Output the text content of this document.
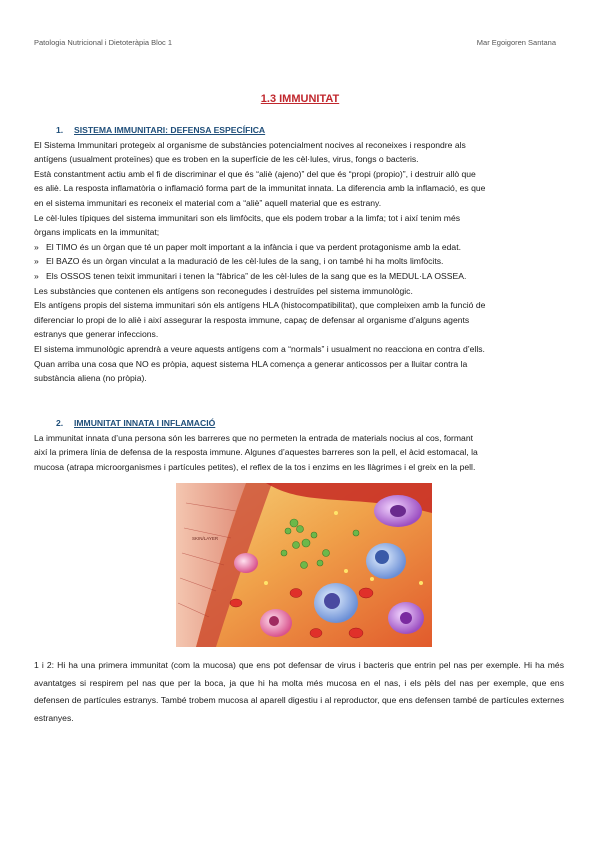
Patologia Nutricional i Dietoteràpia Bloc 1	Mar Egoigoren Santana
1.3 IMMUNITAT
1. SISTEMA IMMUNITARI: DEFENSA ESPECÍFICA

El Sistema Immunitari protegeix al organisme de substàncies potencialment nocives al reconeixes i respondre als

antígens (usualment proteïnes) que es troben en la superfície de les cèl·lules, virus, fongs o bacteris.

Està constantment actiu amb el fi de discriminar el que és “aliè (ajeno)” del que és “propi (propio)”, i destruir allò que

es aliè. La resposta inflamatòria o inflamació forma part de la immunitat innata. La diferencia amb la inflamació, es que

en el sistema immunitari es reconeix el material com a “aliè” aquell material que es estrany.

Le cèl·lules típiques del sistema immunitari son els limfòcits, que els podem trobar a la limfa; tot i així tenim més

òrgans implicats en la immunitat;

» El TIMO és un òrgan que té un paper molt important a la infància i que va perdent protagonisme amb la edat.

» El BAZO és un òrgan vinculat a la maduració de les cèl·lules de la sang, i on també hi ha molts limfòcits.

» Els OSSOS tenen teixit immunitari i tenen la “fàbrica” de les cèl·lules de la sang que es la MEDUL·LA OSSEA.

Les substàncies que contenen els antígens son reconegudes i destruïdes pel sistema immunològic.

Els antígens propis del sistema immunitari són els antígens HLA (histocompatibilitat), que compleixen amb la funció de

diferenciar lo propi de lo aliè i així assegurar la resposta immune, capaç de defensar al organisme d’alguns agents

estranys que generar infeccions.

El sistema immunològic aprendrà a veure aquests antígens com a “normals” i usualment no reacciona en contra d’ells.

Quan arriba una cosa que NO es pròpia, aquest sistema HLA comença a generar anticossos per a lluitar contra la

substància aliena (no pròpia).

2. IMMUNITAT INNATA I INFLAMACIÓ

La immunitat innata d’una persona són les barreres que no permeten la entrada de materials nocius al cos, formant

així la primera línia de defensa de la resposta immune. Algunes d’aquestes barreres son la pell, el àcid estomacal, la

mucosa (atrapa microorganismes i partícules petites), el reflex de la tos i enzims en les llàgrimes i el greix en la pell.

SKIN/LAYER
1 i 2: Hi ha una primera immunitat (com la mucosa) que ens pot defensar de virus i bacteris que entrin pel nas per exemple. Hi ha més avantatges si respirem pel nas que per la boca, ja que hi ha molta més mucosa en el nas, i els pèls del nas per exemple, que ens defensen de partícules estranys. També trobem mucosa al aparell digestiu i al reproductor, que ens defensen també de partícules externes estranyes.
